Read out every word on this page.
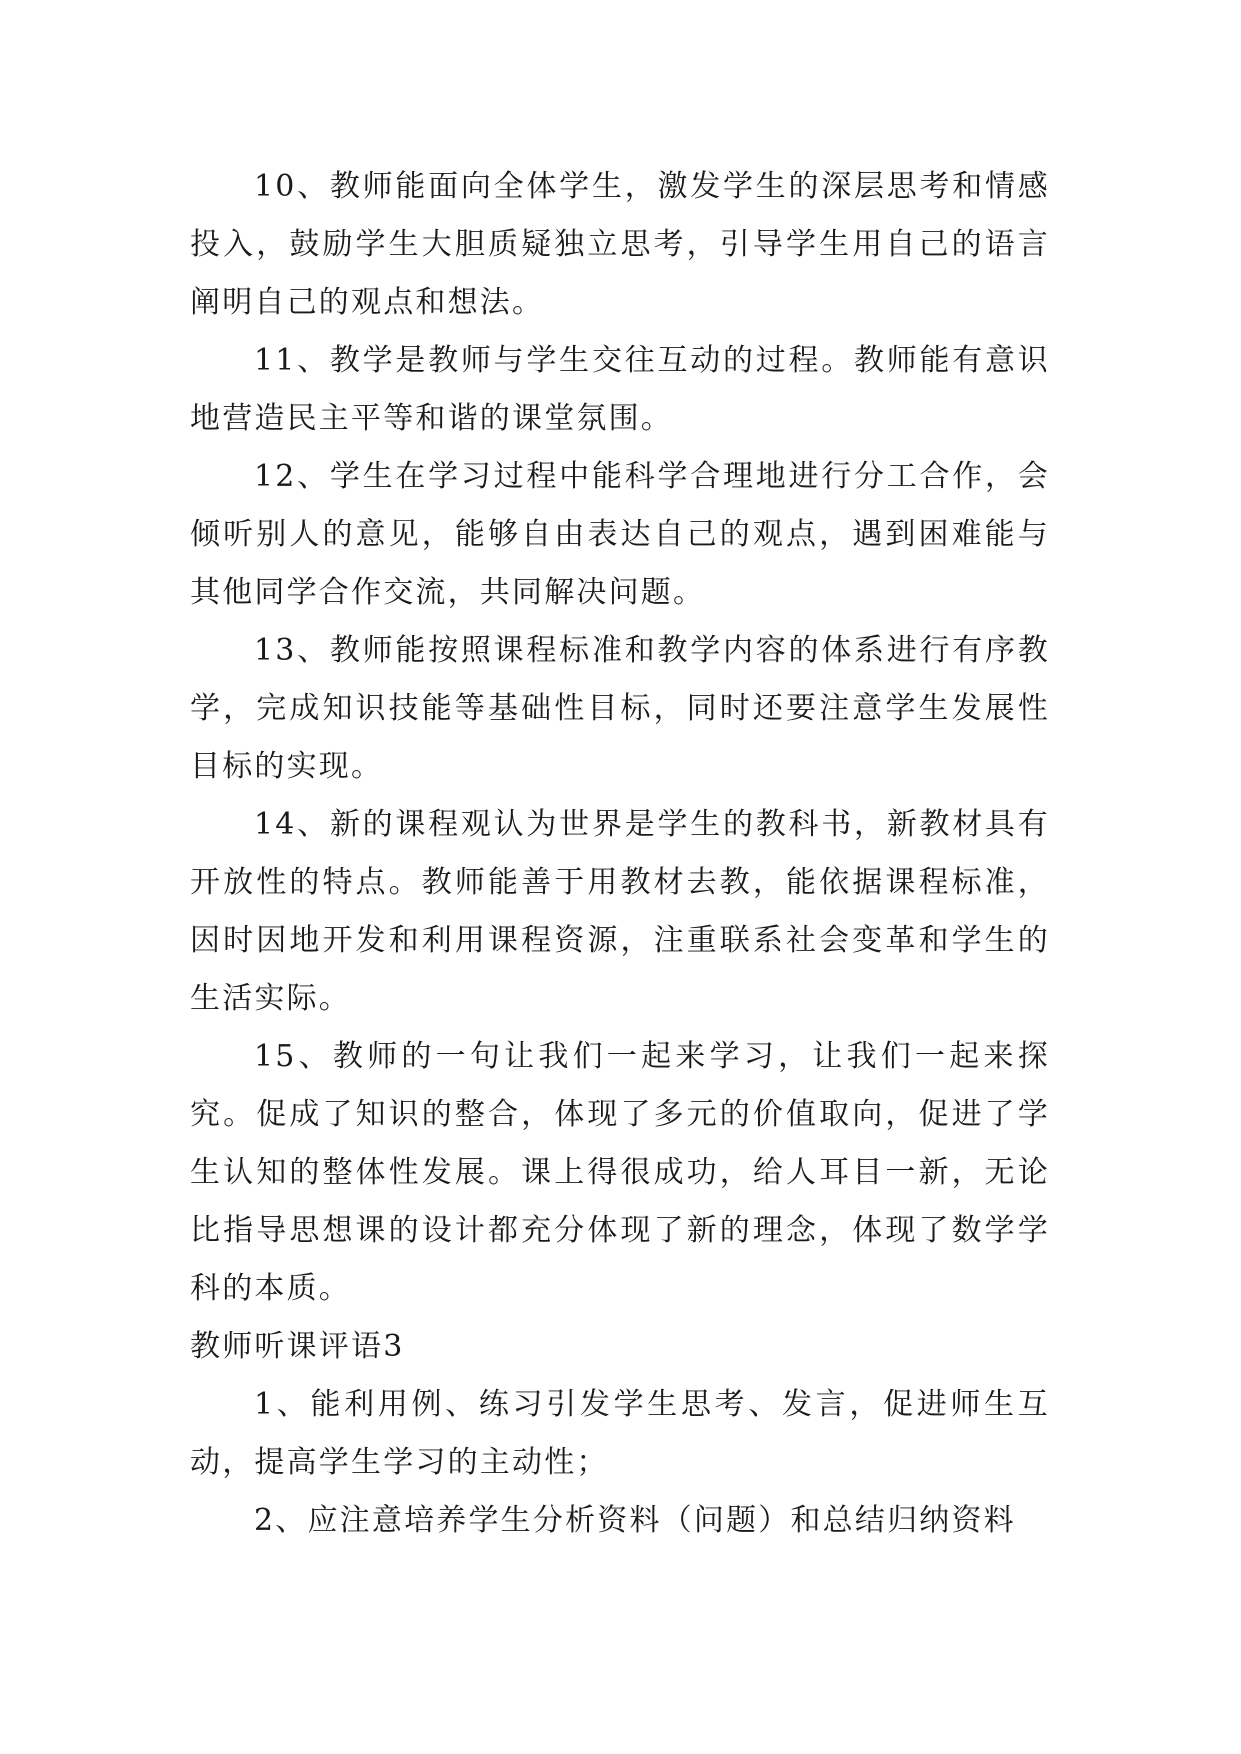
10、教师能面向全体学生，激发学生的深层思考和情感投入，鼓励学生大胆质疑独立思考，引导学生用自己的语言阐明自己的观点和想法。

11、教学是教师与学生交往互动的过程。教师能有意识地营造民主平等和谐的课堂氛围。

12、学生在学习过程中能科学合理地进行分工合作，会倾听别人的意见，能够自由表达自己的观点，遇到困难能与其他同学合作交流，共同解决问题。

13、教师能按照课程标准和教学内容的体系进行有序教学，完成知识技能等基础性目标，同时还要注意学生发展性目标的实现。

14、新的课程观认为世界是学生的教科书，新教材具有开放性的特点。教师能善于用教材去教，能依据课程标准，因时因地开发和利用课程资源，注重联系社会变革和学生的生活实际。

15、教师的一句让我们一起来学习，让我们一起来探究。促成了知识的整合，体现了多元的价值取向，促进了学生认知的整体性发展。课上得很成功，给人耳目一新，无论比指导思想课的设计都充分体现了新的理念，体现了数学学科的本质。

教师听课评语3

1、能利用例、练习引发学生思考、发言，促进师生互动，提高学生学习的主动性；

2、应注意培养学生分析资料（问题）和总结归纳资料
